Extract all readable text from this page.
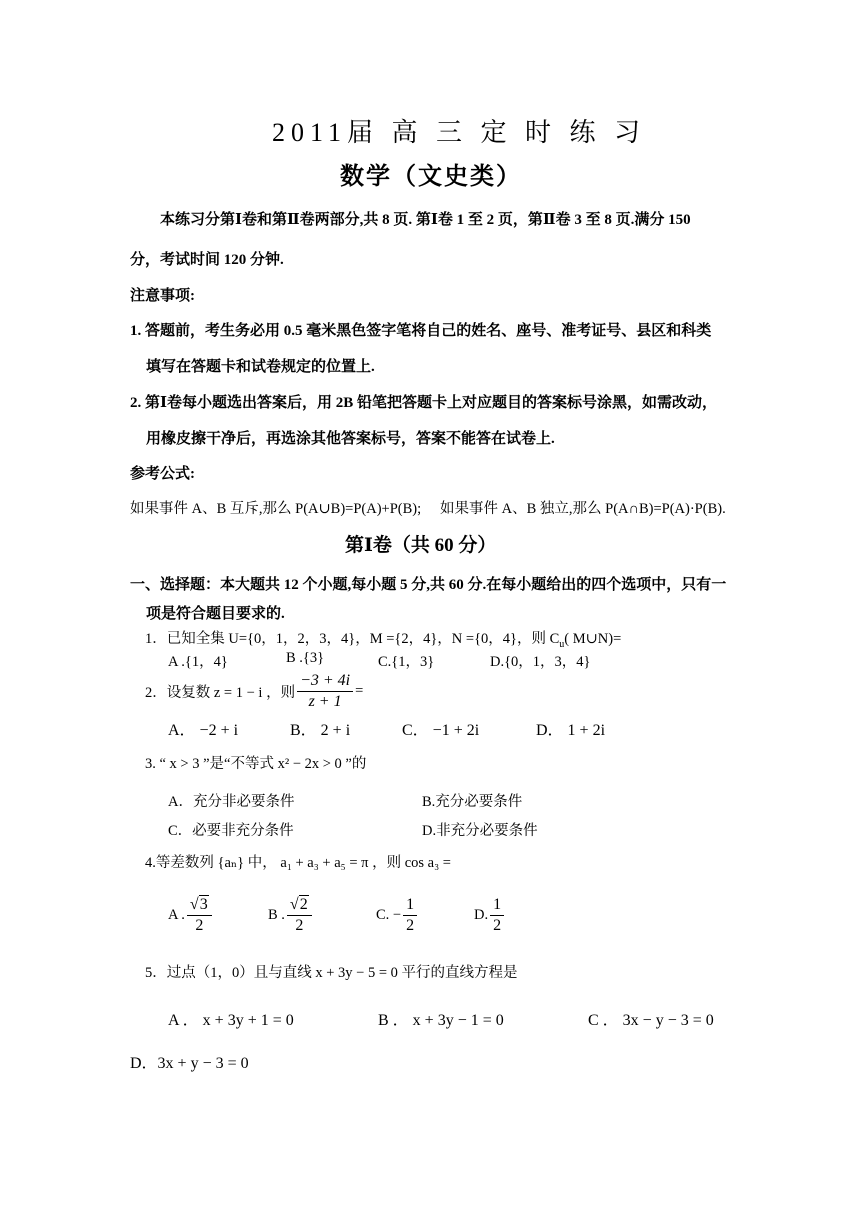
2011届 高 三 定 时 练 习
数学（文史类）
本练习分第Ⅰ卷和第Ⅱ卷两部分,共 8 页. 第Ⅰ卷 1 至 2 页，第Ⅱ卷 3 至 8 页.满分 150
分，考试时间 120 分钟.
注意事项:
1. 答题前，考生务必用 0.5 毫米黑色签字笔将自己的姓名、座号、准考证号、县区和科类
填写在答题卡和试卷规定的位置上.
2. 第Ⅰ卷每小题选出答案后，用 2B 铅笔把答题卡上对应题目的答案标号涂黑，如需改动，
用橡皮擦干净后，再选涂其他答案标号，答案不能答在试卷上.
参考公式:
如果事件 A、B 互斥,那么 P(A∪B)=P(A)+P(B); 如果事件 A、B 独立,那么 P(A∩B)=P(A)·P(B).
第Ⅰ卷（共 60 分）
一、选择题：本大题共 12 个小题,每小题 5 分,共 60 分.在每小题给出的四个选项中，只有一
项是符合题目要求的.
1．已知全集 U={0，1，2，3，4}，M ={2，4}，N ={0，4}，则 $C_u$( M∪N)=
A .{1，4}	B .{3}	C.{1，3}	D.{0，1，3，4}
2．设复数 z = 1 − i ，则 $\frac{-3 + 4i}{z + 1}$ =
A． −2 + i	B． 2 + i	C． −1 + 2i	D． 1 + 2i
3. “ x > 3 ”是“不等式 x² − 2x > 0 ”的
A．充分非必要条件	B.充分必要条件
C．必要非充分条件	D.非充分必要条件
4.等差数列 {aₙ} 中， a₁ + a₃ + a₅ = π ，则 cos a₃ =
A . $\frac{√3}{2}$	B . $\frac{√2}{2}$	C. − $\frac{1}{2}$	D. $\frac{1}{2}$
5．过点（1，0）且与直线 x + 3y − 5 = 0 平行的直线方程是
A ． x + 3y + 1 = 0	B ． x + 3y − 1 = 0	C ． 3x − y − 3 = 0
D．3x + y − 3 = 0
